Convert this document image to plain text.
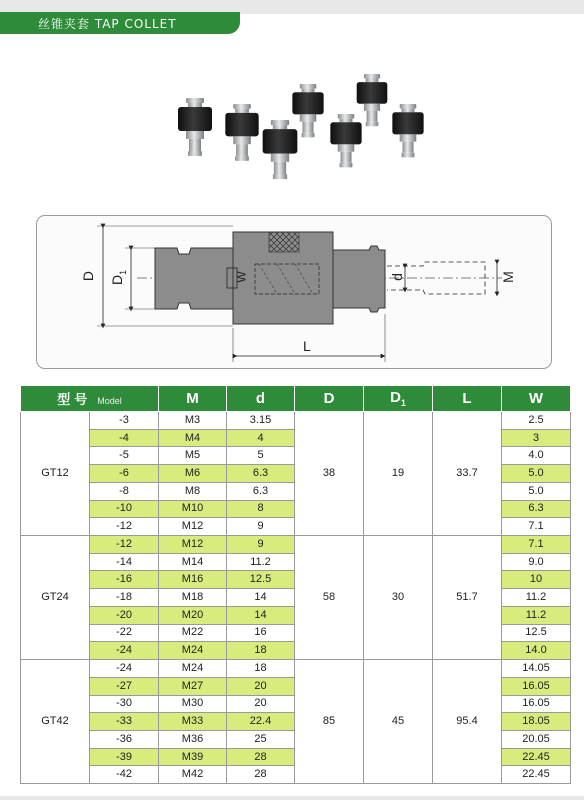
丝锥夹套 TAP COLLET
D $D_1$	W	d	M
L
型号 Model		M	d	D	$D_1$	L	W
GT12	-3	M3	3.15	38	19	33.7	2.5
	-4	M4	4				3
	-5	M5	5				4.0
	-6	M6	6.3				5.0
	-8	M8	6.3				5.0
	-10	M10	8				6.3
	-12	M12	9				7.1
GT24	-12	M12	9	58	30	51.7	7.1
	-14	M14	11.2				9.0
	-16	M16	12.5				10
	-18	M18	14				11.2
	-20	M20	14				11.2
	-22	M22	16				12.5
	-24	M24	18				14.0
GT42	-24	M24	18	85	45	95.4	14.05
	-27	M27	20				16.05
	-30	M30	20				16.05
	-33	M33	22.4				18.05
	-36	M36	25				20.05
	-39	M39	28				22.45
	-42	M42	28				22.45
